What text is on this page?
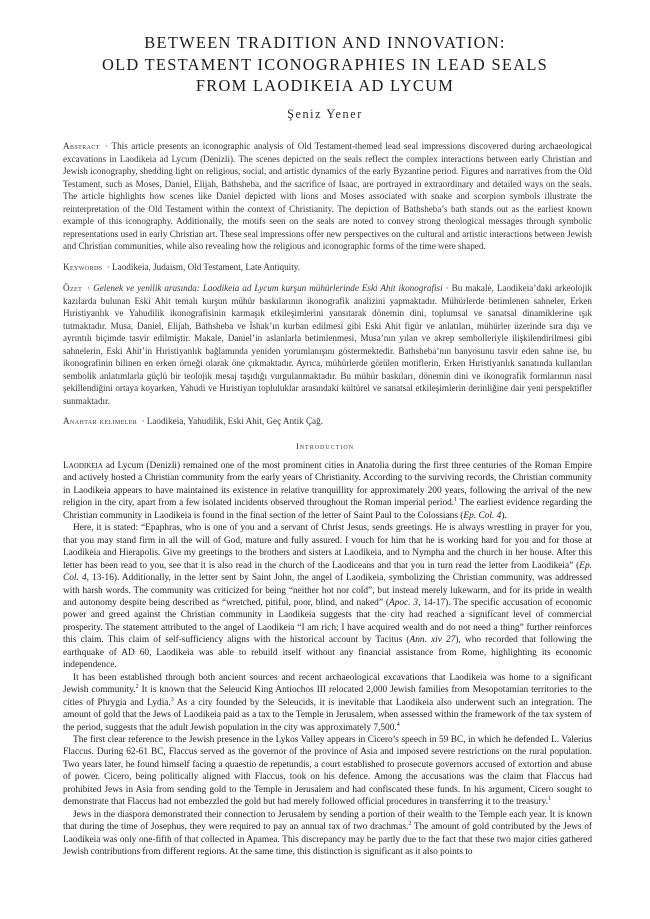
BETWEEN TRADITION AND INNOVATION:
OLD TESTAMENT ICONOGRAPHIES IN LEAD SEALS
FROM LAODIKEIA AD LYCUM
Şeniz Yener
Abstract · This article presents an iconographic analysis of Old Testament-themed lead seal impressions discovered during archaeological excavations in Laodikeia ad Lycum (Denizli). The scenes depicted on the seals reflect the complex interactions between early Christian and Jewish iconography, shedding light on religious, social, and artistic dynamics of the early Byzantine period. Figures and narratives from the Old Testament, such as Moses, Daniel, Elijah, Bathsheba, and the sacrifice of Isaac, are portrayed in extraordinary and detailed ways on the seals. The article highlights how scenes like Daniel depicted with lions and Moses associated with snake and scorpion symbols illustrate the reinterpretation of the Old Testament within the context of Christianity. The depiction of Bathsheba’s bath stands out as the earliest known example of this iconography. Additionally, the motifs seen on the seals are noted to convey strong theological messages through symbolic representations used in early Christian art. These seal impressions offer new perspectives on the cultural and artistic interactions between Jewish and Christian communities, while also revealing how the religious and iconographic forms of the time were shaped.
Keywords · Laodikeia, Judaism, Old Testament, Late Antiquity.
Özet · Gelenek ve yenilik arasında: Laodikeia ad Lycum kurşun mühürlerinde Eski Ahit ikonografisi · Bu makale, Laodikeia’daki arkeolojik kazılarda bulunan Eski Ahit temalı kurşun mühür baskılarının ikonografik analizini yapmaktadır. Mühürlerde betimlenen sahneler, Erken Hıristiyanlık ve Yahudilik ikonografisinin karmaşık etkileşimlerini yansıtarak dönemin dini, toplumsal ve sanatsal dinamiklerine ışık tutmaktadır. Musa, Daniel, Elijah, Bathsheba ve İshak’ın kurban edilmesi gibi Eski Ahit figür ve anlatıları, mühürler üzerinde sıra dışı ve ayrıntılı biçimde tasvir edilmiştir. Makale, Daniel’in aslanlarla betimlenmesi, Musa’nın yılan ve akrep sembolleriyle ilişkilendirilmesi gibi sahnelerin, Eski Ahit’in Hıristiyanlık bağlamında yeniden yorumlanışını göstermektedir. Bathsheba’nın banyosunu tasvir eden sahne ise, bu ikonografinin bilinen en erken örneği olarak öne çıkmaktadır. Ayrıca, mühürlerde görülen motiflerin, Erken Hıristiyanlık sanatında kullanılan sembolik anlatımlarla güçlü bir teolojik mesaj taşıdığı vurgulanmaktadır. Bu mühür baskıları, dönemin dini ve ikonografik formlarının nasıl şekillendiğini ortaya koyarken, Yahudi ve Hıristiyan topluluklar arasındaki kültürel ve sanatsal etkileşimlerin derinliğine dair yeni perspektifler sunmaktadır.
Anahtar kelimeler · Laodikeia, Yahudilik, Eski Ahit, Geç Antik Çağ.
Introduction

Laodikeia ad Lycum (Denizli) remained one of the most prominent cities in Anatolia during the first three centuries of the Roman Empire and actively hosted a Christian community from the early years of Christianity. According to the surviving records, the Christian community in Laodikeia appears to have maintained its existence in relative tranquillity for approximately 200 years, following the arrival of the new religion in the city, apart from a few isolated incidents observed throughout the Roman imperial period.$^1$ The earliest evidence regarding the Christian community in Laodikeia is found in the final section of the letter of Saint Paul to the Colossians (Ep. Col. 4).

Here, it is stated: “Epaphras, who is one of you and a servant of Christ Jesus, sends greetings. He is always wrestling in prayer for you, that you may stand firm in all the will of God, mature and fully assured. I vouch for him that he is working hard for you and for those at Laodikeia and Hierapolis. Give my greetings to the brothers and sisters at Laodikeia, and to Nympha and the church in her house. After this letter has been read to you, see that it is also read in the church of the Laodiceans and that you in turn read the letter from Laodikeia” (Ep. Col. 4, 13-16). Additionally, in the letter sent by Saint John, the angel of Laodikeia, symbolizing the Christian community, was addressed with harsh words. The community was criticized for being “neither hot nor cold”, but instead merely lukewarm, and for its pride in wealth and autonomy despite being described as “wretched, pitiful, poor, blind, and naked” (Apoc. 3, 14-17). The specific accusation of economic power and greed against the Christian community in Laodikeia suggests that the city had reached a significant level of commercial prosperity. The statement attributed to the angel of Laodikeia “I am rich; I have acquired wealth and do not need a thing” further reinforces this claim. This claim of self-sufficiency aligns with the historical account by Tacitus (Ann. xiv 27), who recorded that following the earthquake of AD 60, Laodikeia was able to rebuild itself without any financial assistance from Rome, highlighting its economic independence.

It has been established through both ancient sources and recent archaeological excavations that Laodikeia was home to a significant Jewish community.$^2$ It is known that the Seleucid King Antiochos III relocated 2,000 Jewish families from Mesopotamian territories to the cities of Phrygia and Lydia.$^3$ As a city founded by the Seleucids, it is inevitable that Laodikeia also underwent such an integration. The amount of gold that the Jews of Laodikeia paid as a tax to the Temple in Jerusalem, when assessed within the framework of the tax system of the period, suggests that the adult Jewish population in the city was approximately 7,500.$^4$

The first clear reference to the Jewish presence in the Lykos Valley appears in Cicero’s speech in 59 BC, in which he defended L. Valerius Flaccus. During 62-61 BC, Flaccus served as the governor of the province of Asia and imposed severe restrictions on the rural population. Two years later, he found himself facing a quaestio de repetundis, a court established to prosecute governors accused of extortion and abuse of power. Cicero, being politically aligned with Flaccus, took on his defence. Among the accusations was the claim that Flaccus had prohibited Jews in Asia from sending gold to the Temple in Jerusalem and had confiscated these funds. In his argument, Cicero sought to demonstrate that Flaccus had not embezzled the gold but had merely followed official procedures in transferring it to the treasury.$^1$

Jews in the diaspora demonstrated their connection to Jerusalem by sending a portion of their wealth to the Temple each year. It is known that during the time of Josephus, they were required to pay an annual tax of two drachmas.$^2$ The amount of gold contributed by the Jews of Laodikeia was only one-fifth of that collected in Apamea. This discrepancy may be partly due to the fact that these two major cities gathered Jewish contributions from different regions. At the same time, this distinction is significant as it also points to
